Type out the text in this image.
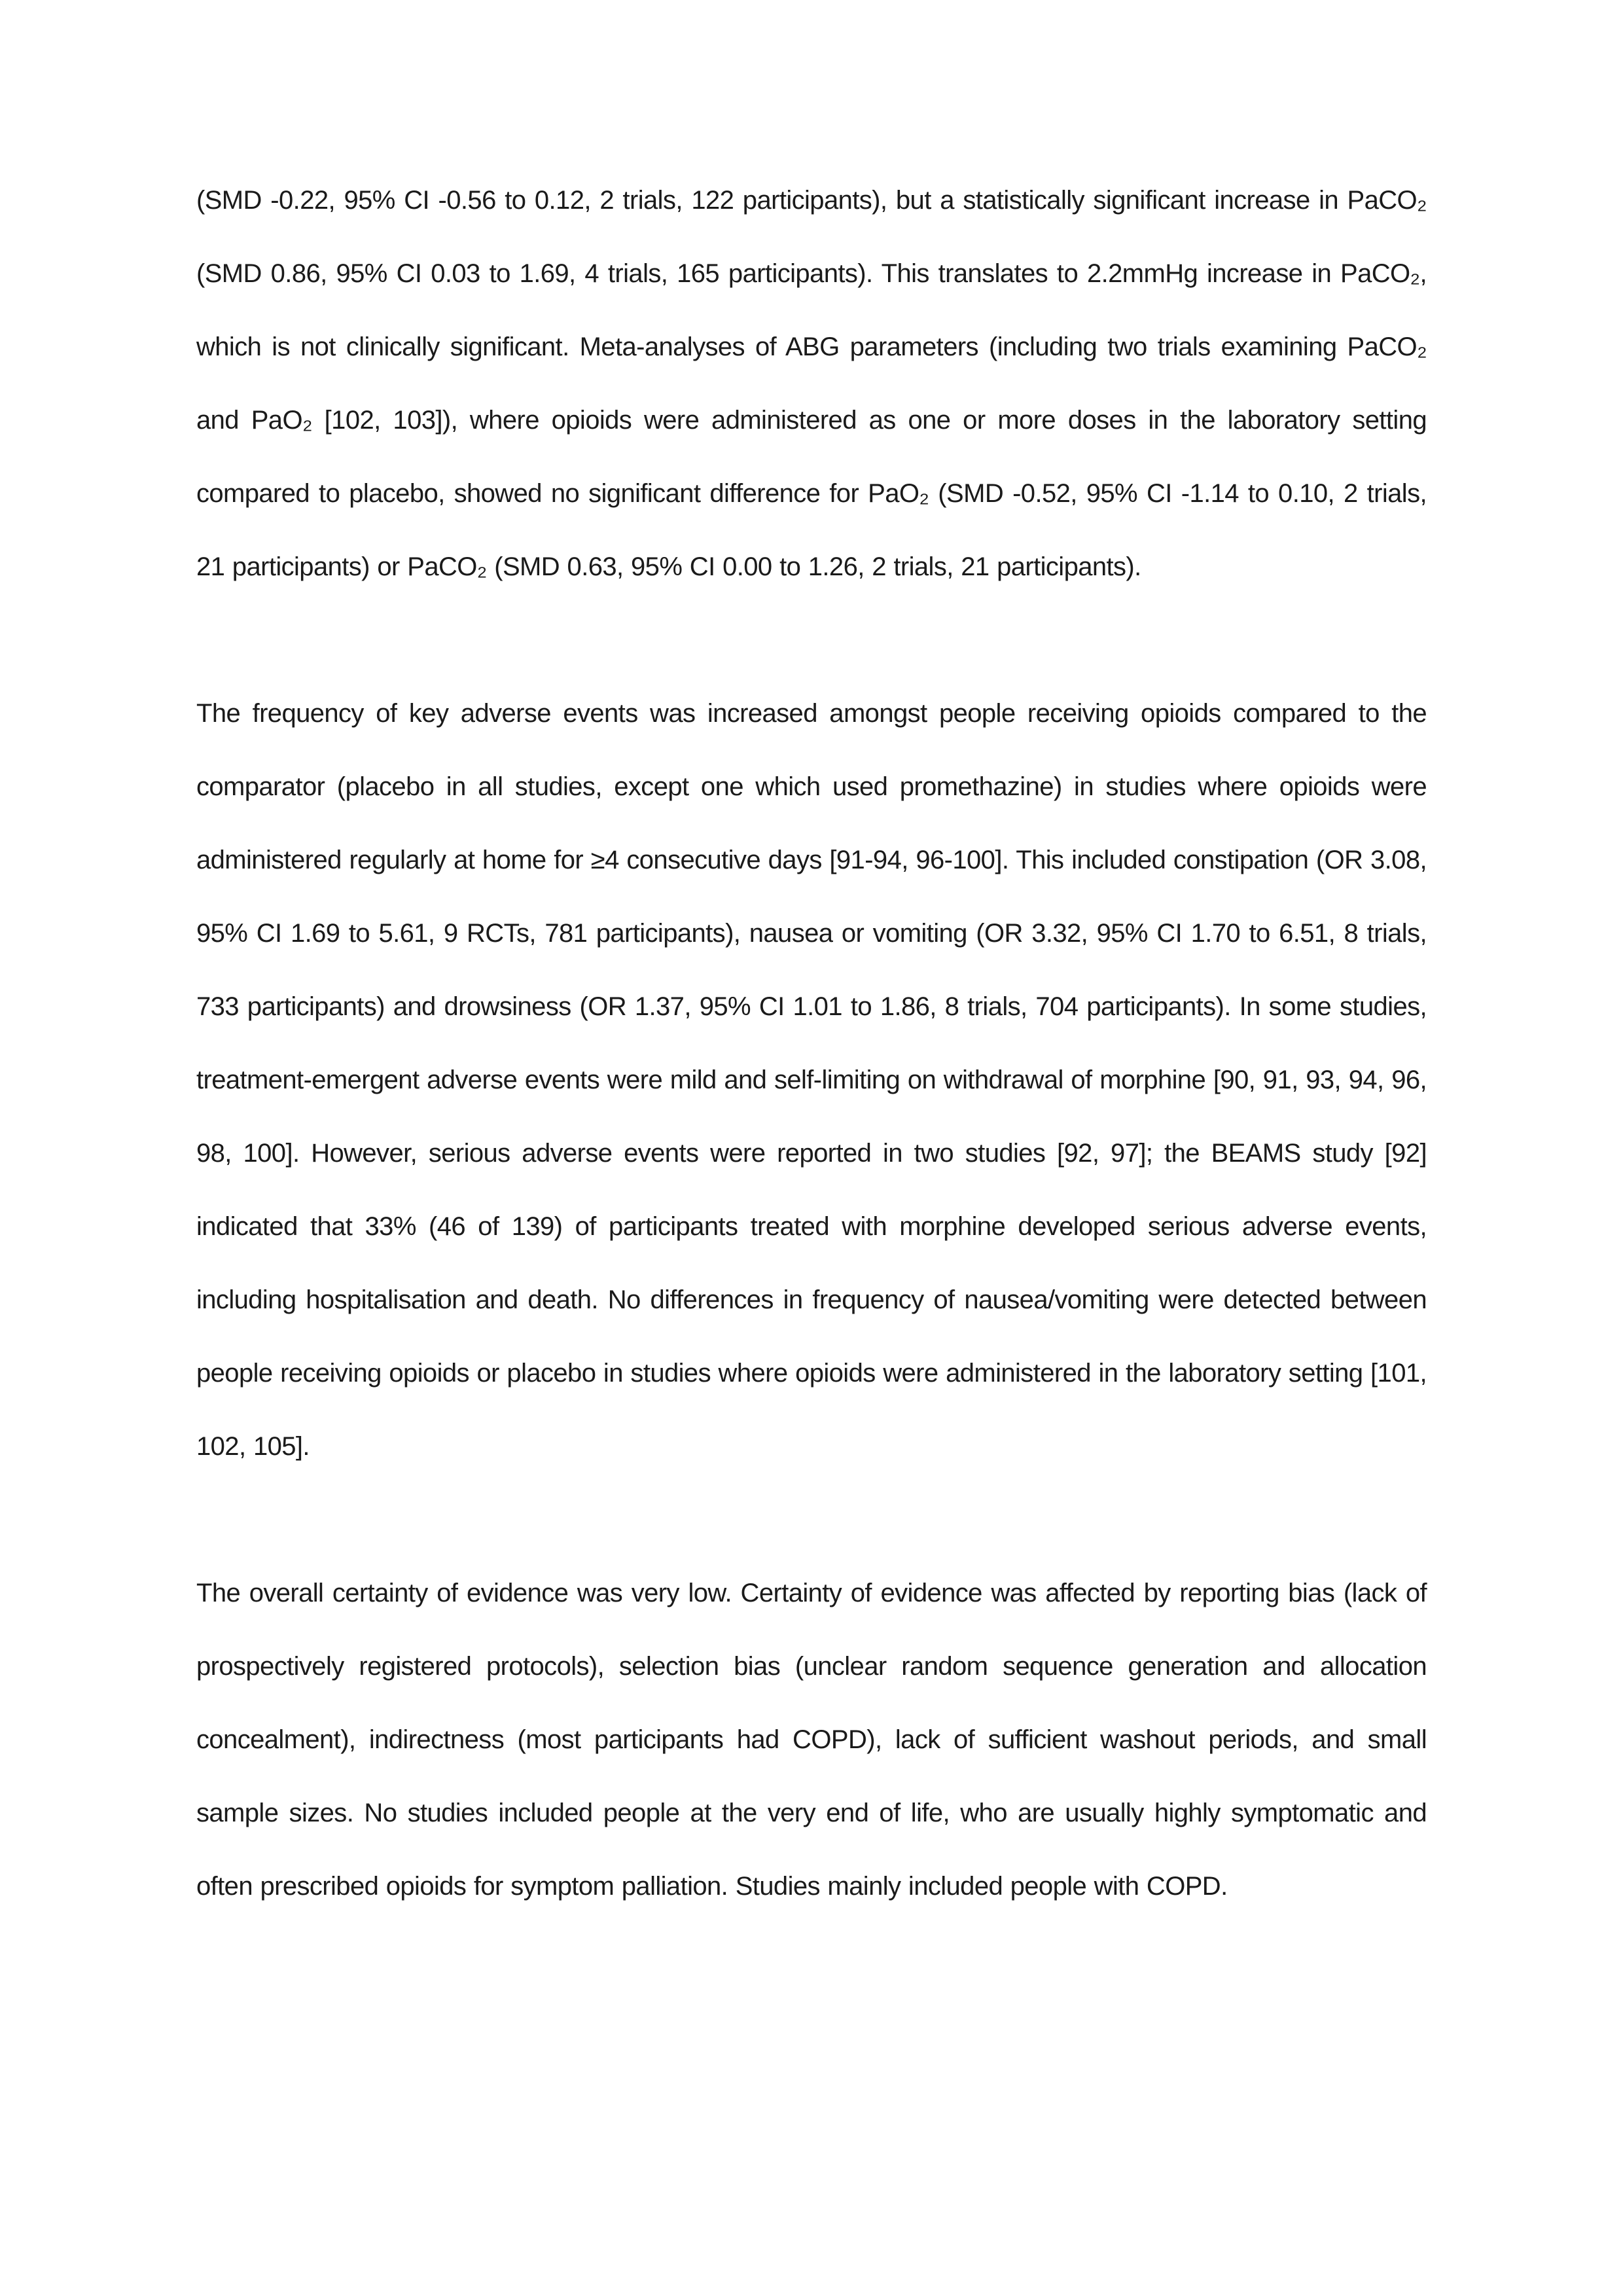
(SMD -0.22, 95% CI -0.56 to 0.12, 2 trials, 122 participants), but a statistically significant increase in PaCO₂ (SMD 0.86, 95% CI 0.03 to 1.69, 4 trials, 165 participants). This translates to 2.2mmHg increase in PaCO₂, which is not clinically significant. Meta-analyses of ABG parameters (including two trials examining PaCO₂ and PaO₂ [102, 103]), where opioids were administered as one or more doses in the laboratory setting compared to placebo, showed no significant difference for PaO₂ (SMD -0.52, 95% CI -1.14 to 0.10, 2 trials, 21 participants) or PaCO₂ (SMD 0.63, 95% CI 0.00 to 1.26, 2 trials, 21 participants).

The frequency of key adverse events was increased amongst people receiving opioids compared to the comparator (placebo in all studies, except one which used promethazine) in studies where opioids were administered regularly at home for ≥4 consecutive days [91-94, 96-100]. This included constipation (OR 3.08, 95% CI 1.69 to 5.61, 9 RCTs, 781 participants), nausea or vomiting (OR 3.32, 95% CI 1.70 to 6.51, 8 trials, 733 participants) and drowsiness (OR 1.37, 95% CI 1.01 to 1.86, 8 trials, 704 participants). In some studies, treatment-emergent adverse events were mild and self-limiting on withdrawal of morphine [90, 91, 93, 94, 96, 98, 100]. However, serious adverse events were reported in two studies [92, 97]; the BEAMS study [92] indicated that 33% (46 of 139) of participants treated with morphine developed serious adverse events, including hospitalisation and death. No differences in frequency of nausea/vomiting were detected between people receiving opioids or placebo in studies where opioids were administered in the laboratory setting [101, 102, 105].

The overall certainty of evidence was very low. Certainty of evidence was affected by reporting bias (lack of prospectively registered protocols), selection bias (unclear random sequence generation and allocation concealment), indirectness (most participants had COPD), lack of sufficient washout periods, and small sample sizes. No studies included people at the very end of life, who are usually highly symptomatic and often prescribed opioids for symptom palliation. Studies mainly included people with COPD.
